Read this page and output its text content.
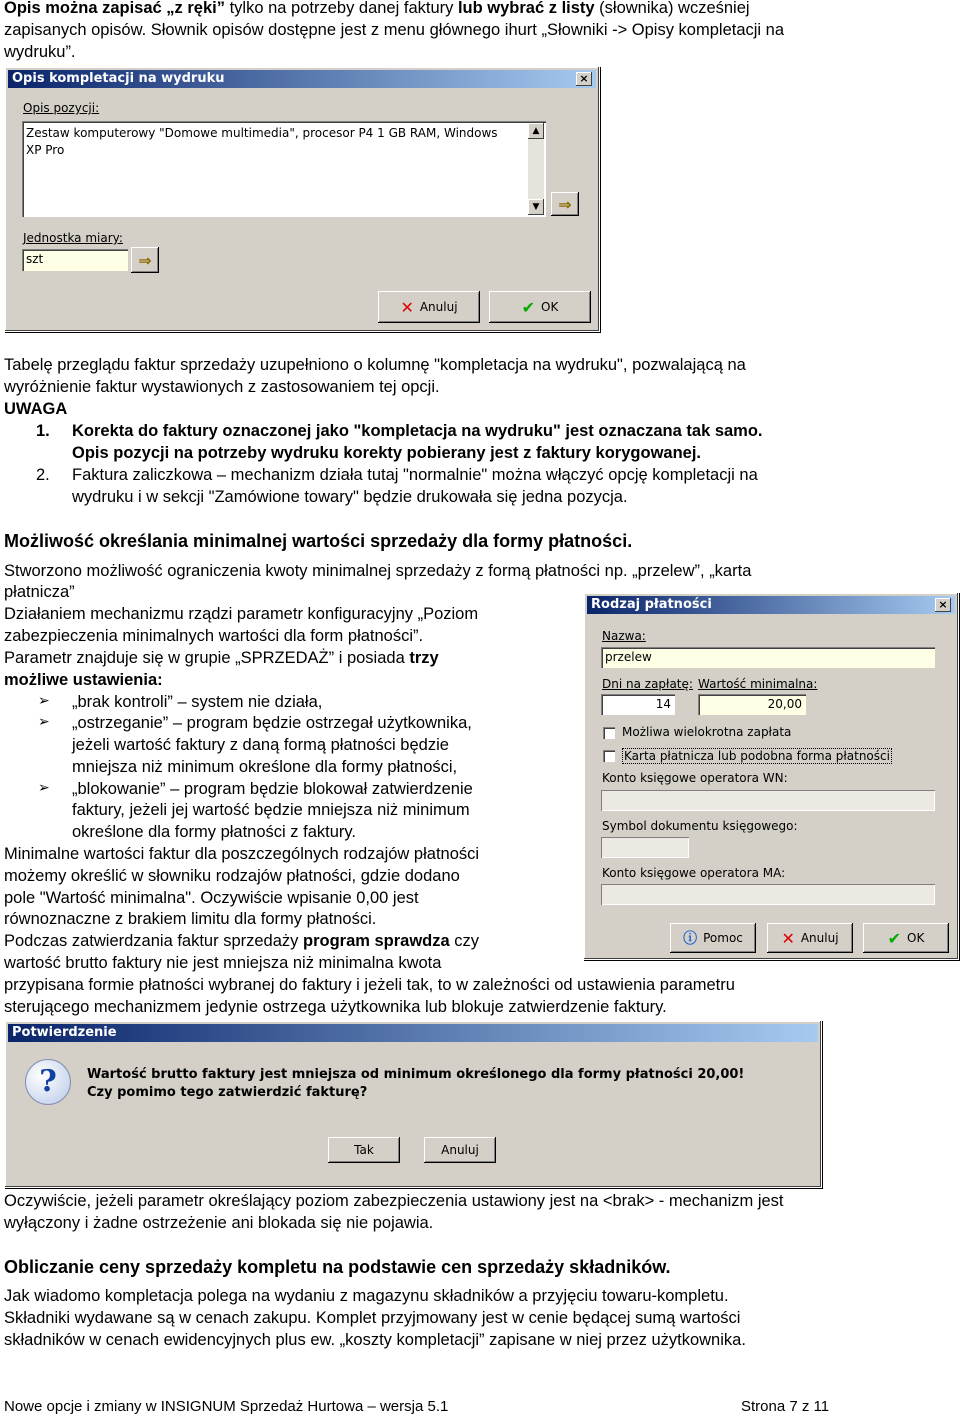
Opis można zapisać „z ręki” tylko na potrzeby danej faktury lub wybrać z listy (słownika) wcześniej
zapisanych opisów. Słownik opisów dostępne jest z menu głównego ihurt „Słowniki -> Opisy kompletacji na
wydruku”.
Opis kompletacji na wydruku	×
Opis pozycji:
Zestaw komputerowy "Domowe multimedia", procesor P4 1 GB RAM, Windows
XP Pro
▲
▼ ⇒
Jednostka miary:
szt	⇒
✕ Anuluj	✔ OK
Tabelę przeglądu faktur sprzedaży uzupełniono o kolumnę "kompletacja na wydruku", pozwalającą na
wyróżnienie faktur wystawionych z zastosowaniem tej opcji.
UWAGA
1. Korekta do faktury oznaczonej jako "kompletacja na wydruku" jest oznaczana tak samo.
Opis pozycji na potrzeby wydruku korekty pobierany jest z faktury korygowanej.
2. Faktura zaliczkowa – mechanizm działa tutaj "normalnie" można włączyć opcję kompletacji na
wydruku i w sekcji "Zamówione towary" będzie drukowała się jedna pozycja.
Możliwość określania minimalnej wartości sprzedaży dla formy płatności.
Stworzono możliwość ograniczenia kwoty minimalnej sprzedaży z formą płatności np. „przelew”, „karta
płatnicza”
Działaniem mechanizmu rządzi parametr konfiguracyjny „Poziom
zabezpieczenia minimalnych wartości dla form płatności”.
Parametr znajduje się w grupie „SPRZEDAŻ” i posiada trzy
możliwe ustawienia:
➢ „brak kontroli” – system nie działa,
➢ „ostrzeganie” – program będzie ostrzegał użytkownika,
jeżeli wartość faktury z daną formą płatności będzie
mniejsza niż minimum określone dla formy płatności,
➢ „blokowanie” – program będzie blokował zatwierdzenie
faktury, jeżeli jej wartość będzie mniejsza niż minimum
określone dla formy płatności z faktury.
Minimalne wartości faktur dla poszczególnych rodzajów płatności
możemy określić w słowniku rodzajów płatności, gdzie dodano
pole "Wartość minimalna". Oczywiście wpisanie 0,00 jest
równoznaczne z brakiem limitu dla formy płatności.
Podczas zatwierdzania faktur sprzedaży program sprawdza czy
wartość brutto faktury nie jest mniejsza niż minimalna kwota
przypisana formie płatności wybranej do faktury i jeżeli tak, to w zależności od ustawienia parametru
sterującego mechanizmem jedynie ostrzega użytkownika lub blokuje zatwierdzenie faktury.
Rodzaj płatności	×
Nazwa:
przelew
Dni na zapłatę: Wartość minimalna:
14	20,00
Możliwa wielokrotna zapłata
Karta płatnicza lub podobna forma płatności
Konto księgowe operatora WN:
Symbol dokumentu księgowego:
Konto księgowe operatora MA:
ⓘ Pomoc ✕ Anuluj	✔ OK
Potwierdzenie
?	Wartość brutto faktury jest mniejsza od minimum określonego dla formy płatności 20,00!
Czy pomimo tego zatwierdzić fakturę?
Tak	Anuluj
Oczywiście, jeżeli parametr określający poziom zabezpieczenia ustawiony jest na <brak> - mechanizm jest
wyłączony i żadne ostrzeżenie ani blokada się nie pojawia.
Obliczanie ceny sprzedaży kompletu na podstawie cen sprzedaży składników.
Jak wiadomo kompletacja polega na wydaniu z magazynu składników a przyjęciu towaru-kompletu.
Składniki wydawane są w cenach zakupu. Komplet przyjmowany jest w cenie będącej sumą wartości
składników w cenach ewidencyjnych plus ew. „koszty kompletacji” zapisane w niej przez użytkownika.
Nowe opcje i zmiany w INSIGNUM Sprzedaż Hurtowa – wersja 5.1	Strona 7 z 11
